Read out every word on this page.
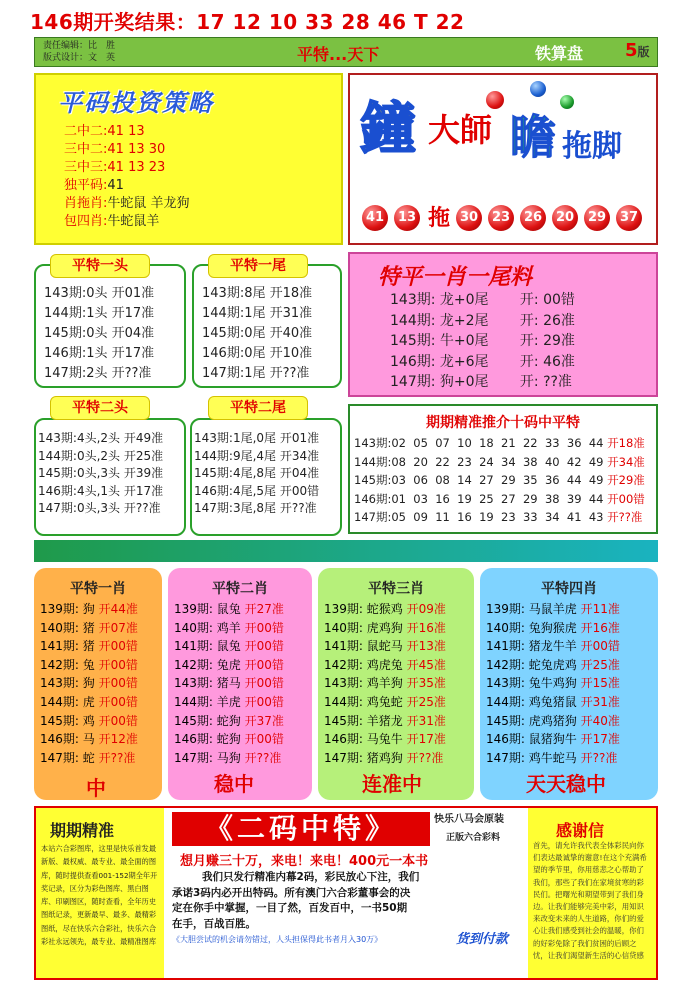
146期开奖结果：17 12 10 33 28 46 T 22
责任编辑：比　胜
版式设计：文　英	平特...天下	铁算盘 5版
平码投资策略
二中二:41 13
三中二:41 13 30
三中三:41 13 23
独平码:41
肖拖肖:牛蛇鼠 羊龙狗
包四肖:牛蛇鼠羊
鐘 大師 瞻 拖脚
41	13 拖 30	23	26	20	29	37
平特一头
143期:0头 开01准
144期:1头 开17准
145期:0头 开04准
146期:1头 开17准
147期:2头 开??准
平特一尾
143期:8尾 开18准
144期:1尾 开31准
145期:0尾 开40准
146期:0尾 开10准
147期:1尾 开??准
特平一肖一尾料
143期: 龙+0尾 开: 00错
144期: 龙+2尾 开: 26准
145期: 牛+0尾 开: 29准
146期: 龙+6尾 开: 46准
147期: 狗+0尾 开: ??准
平特二头
143期:4头,2头 开49准
144期:0头,2头 开25准
145期:0头,3头 开39准
146期:4头,1头 开17准
147期:0头,3头 开??准
平特二尾
143期:1尾,0尾 开01准
144期:9尾,4尾 开34准
145期:4尾,8尾 开04准
146期:4尾,5尾 开00错
147期:3尾,8尾 开??准
期期精准推介十码中平特
143期:02  05  07  10  18  21  22  33  36  44 开18准
144期:08  20  22  23  24  34  38  40  42  49 开34准
145期:03  06  08  14  27  29  35  36  44  49 开29准
146期:01  03  16  19  25  27  29  38  39  44 开00错
147期:05  09  11  16  19  23  33  34  41  43 开??准
平特一肖
139期: 狗 开44准
140期: 猪 开07准
141期: 猪 开00错
142期: 兔 开00错
143期: 狗 开00错
144期: 虎 开00错
145期: 鸡 开00错
146期: 马 开12准
147期: 蛇 开??准
中
平特二肖
139期: 鼠兔 开27准
140期: 鸡羊 开00错
141期: 鼠兔 开00错
142期: 兔虎 开00错
143期: 猪马 开00错
144期: 羊虎 开00错
145期: 蛇狗 开37准
146期: 蛇狗 开00错
147期: 马狗 开??准
稳中
平特三肖
139期: 蛇猴鸡 开09准
140期: 虎鸡狗 开16准
141期: 鼠蛇马 开13准
142期: 鸡虎兔 开45准
143期: 鸡羊狗 开35准
144期: 鸡兔蛇 开25准
145期: 羊猪龙 开31准
146期: 马兔牛 开17准
147期: 猪鸡狗 开??准
连准中
平特四肖
139期: 马鼠羊虎 开11准
140期: 兔狗猴虎 开16准
141期: 猪龙牛羊 开00错
142期: 蛇兔虎鸡 开25准
143期: 兔牛鸡狗 开15准
144期: 鸡兔猪鼠 开31准
145期: 虎鸡猪狗 开40准
146期: 鼠猪狗牛 开17准
147期: 鸡牛蛇马 开??准
天天稳中
期期精准
本站六合彩图库，这里是快乐首发最新版、最权威、最专业、最全面的图库，随时提供查看001-152期全年开奖记录，区分为彩色图库、黑白图库、印刷图区，随时查看，全年历史图纸记录，更新最早、最多、最精彩图纸，尽在快乐六合彩社，快乐六合彩社永远领先，最专业、最精准图库
快乐八马会原装
正版六合彩料
《二码中特》
想月赚三十万，来电！来电！400元一本书
我们只发行精准内幕2码，彩民放心下注，我们
承诺3码内必开出特码。所有澳门六合彩董事会的决
定在你手中掌握，一目了然，百发百中，一书50期
在手，百战百胜。
《大胆尝试的机会请勿错过，人头担保得此书者月入30万》	货到付款
感谢信
首先，请允许我代表全体彩民向你们表达最诚挚的谢意!在这个充满希望的季节里，你用慈悲之心帮助了我们，那些了我们在家境贫寒的彩民们。把曙光和期望带到了我们身边。让我们能够完美中彩，用知识来改变未来的人生道路，你们的爱心让我们感受到社会的温暖，你们的好彩免除了我们贫困的后顾之忧，让我们渴望新生活的心信贷感
